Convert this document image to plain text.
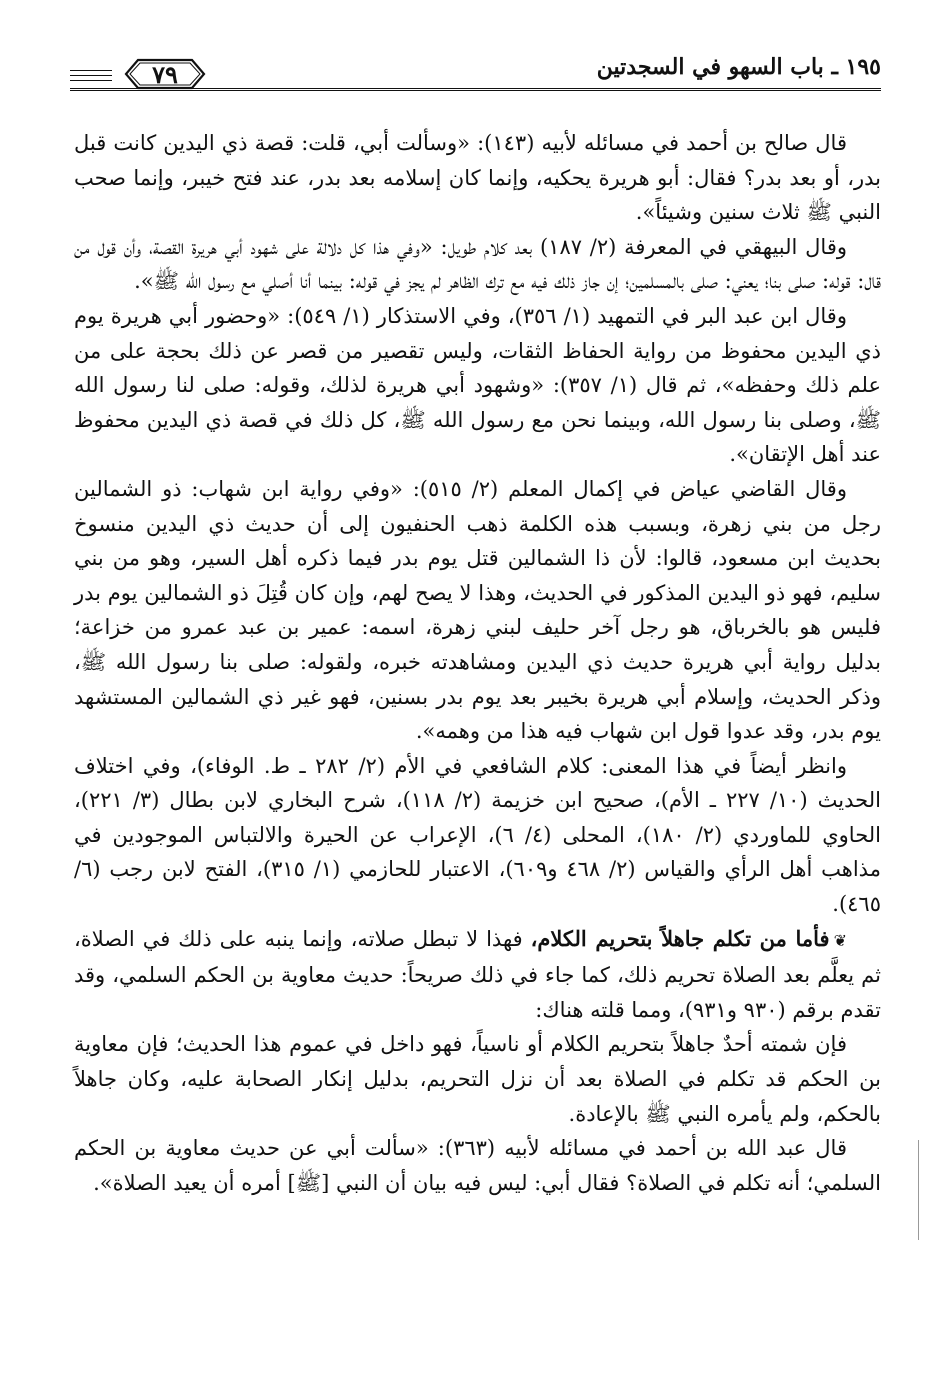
١٩٥ ـ باب السهو في السجدتين
٧٩

قال صالح بن أحمد في مسائله لأبيه (١٤٣): «وسألت أبي، قلت: قصة ذي اليدين كانت قبل بدر، أو بعد بدر؟ فقال: أبو هريرة يحكيه، وإنما كان إسلامه بعد بدر، عند فتح خيبر، وإنما صحب النبي ﷺ ثلاث سنين وشيئاً».

وقال البيهقي في المعرفة (٢/ ١٨٧) بعد كلام طويل: «وفي هذا كل دلالة على شهود أبي هريرة القصة، وأن قول من قال: قوله: صلى بنا؛ يعني: صلى بالمسلمين؛ إن جاز ذلك فيه مع ترك الظاهر لم يجز في قوله: بينما أنا أصلي مع رسول الله ﷺ».

وقال ابن عبد البر في التمهيد (١/ ٣٥٦)، وفي الاستذكار (١/ ٥٤٩): «وحضور أبي هريرة يوم ذي اليدين محفوظ من رواية الحفاظ الثقات، وليس تقصير من قصر عن ذلك بحجة على من علم ذلك وحفظه»، ثم قال (١/ ٣٥٧): «وشهود أبي هريرة لذلك، وقوله: صلى لنا رسول الله ﷺ، وصلى بنا رسول الله، وبينما نحن مع رسول الله ﷺ، كل ذلك في قصة ذي اليدين محفوظ عند أهل الإتقان».

وقال القاضي عياض في إكمال المعلم (٢/ ٥١٥): «وفي رواية ابن شهاب: ذو الشمالين رجل من بني زهرة، وبسبب هذه الكلمة ذهب الحنفيون إلى أن حديث ذي اليدين منسوخ بحديث ابن مسعود، قالوا: لأن ذا الشمالين قتل يوم بدر فيما ذكره أهل السير، وهو من بني سليم، فهو ذو اليدين المذكور في الحديث، وهذا لا يصح لهم، وإن كان قُتِلَ ذو الشمالين يوم بدر فليس هو بالخرباق، هو رجل آخر حليف لبني زهرة، اسمه: عمير بن عبد عمرو من خزاعة؛ بدليل رواية أبي هريرة حديث ذي اليدين ومشاهدته خبره، ولقوله: صلى بنا رسول الله ﷺ، وذكر الحديث، وإسلام أبي هريرة بخيبر بعد يوم بدر بسنين، فهو غير ذي الشمالين المستشهد يوم بدر، وقد عدوا قول ابن شهاب فيه هذا من وهمه».

وانظر أيضاً في هذا المعنى: كلام الشافعي في الأم (٢/ ٢٨٢ ـ ط. الوفاء)، وفي اختلاف الحديث (١٠/ ٢٢٧ ـ الأم)، صحيح ابن خزيمة (٢/ ١١٨)، شرح البخاري لابن بطال (٣/ ٢٢١)، الحاوي للماوردي (٢/ ١٨٠)، المحلى (٤/ ٦)، الإعراب عن الحيرة والالتباس الموجودين في مذاهب أهل الرأي والقياس (٢/ ٤٦٨ و٦٠٩)، الاعتبار للحازمي (١/ ٣١٥)، الفتح لابن رجب (٦/ ٤٦٥).

❦فأما من تكلم جاهلاً بتحريم الكلام، فهذا لا تبطل صلاته، وإنما ينبه على ذلك في الصلاة، ثم يعلَّم بعد الصلاة تحريم ذلك، كما جاء في ذلك صريحاً: حديث معاوية بن الحكم السلمي، وقد تقدم برقم (٩٣٠ و٩٣١)، ومما قلته هناك:

فإن شمته أحدٌ جاهلاً بتحريم الكلام أو ناسياً، فهو داخل في عموم هذا الحديث؛ فإن معاوية بن الحكم قد تكلم في الصلاة بعد أن نزل التحريم، بدليل إنكار الصحابة عليه، وكان جاهلاً بالحكم، ولم يأمره النبي ﷺ بالإعادة.

قال عبد الله بن أحمد في مسائله لأبيه (٣٦٣): «سألت أبي عن حديث معاوية بن الحكم السلمي؛ أنه تكلم في الصلاة؟ فقال أبي: ليس فيه بيان أن النبي [ﷺ] أمره أن يعيد الصلاة».
